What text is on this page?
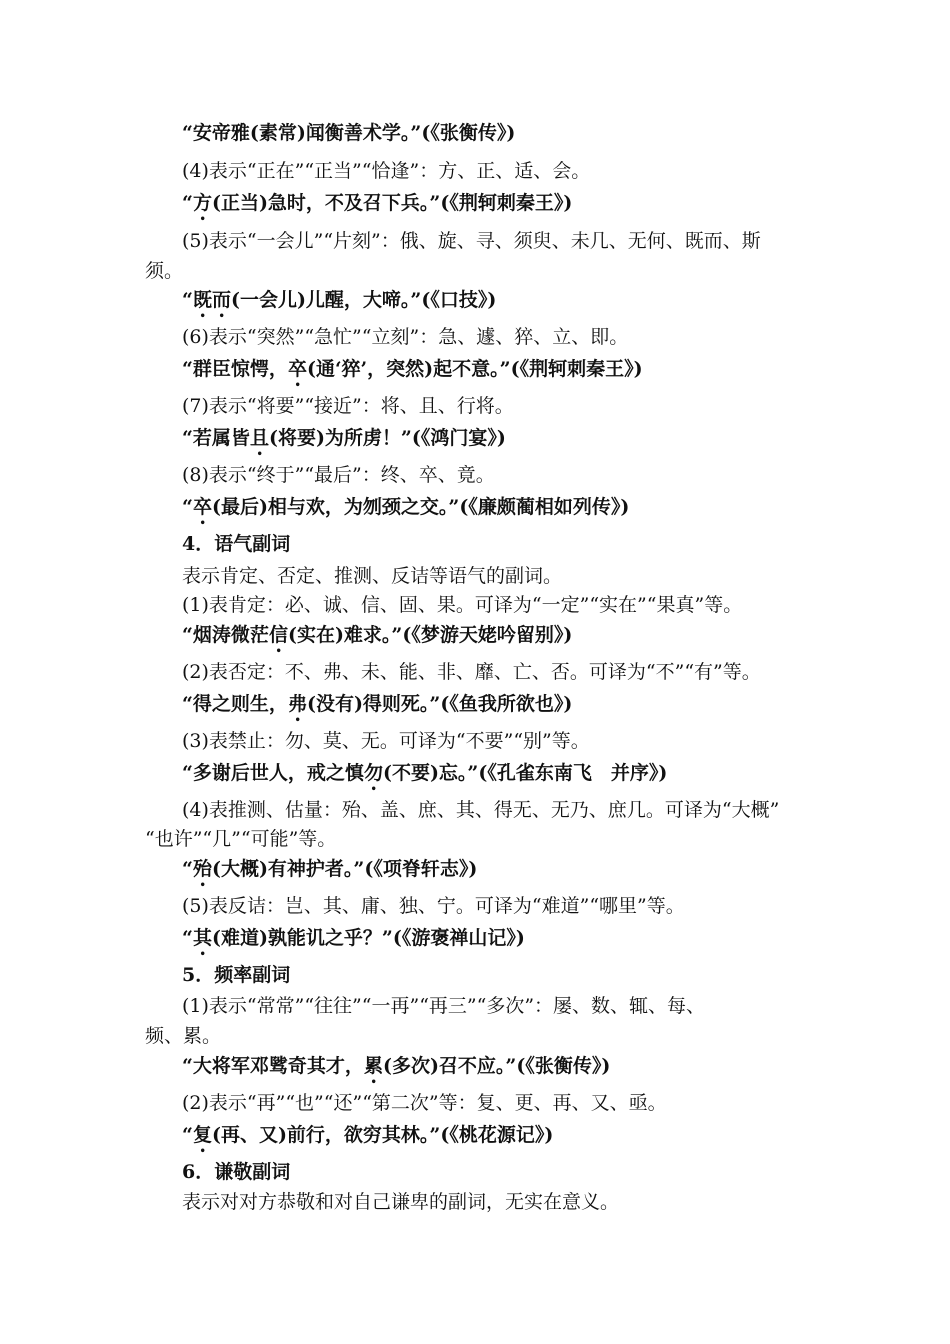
“安帝雅(素常)闻衡善术学。”(《张衡传》)
(4)表示“正在”“正当”“恰逢”：方、正、适、会。
“方(正当)急时，不及召下兵。”(《荆轲刺秦王》)
(5)表示“一会儿”“片刻”：俄、旋、寻、须臾、未几、无何、既而、斯
须。
“既而(一会儿)儿醒，大啼。”(《口技》)
(6)表示“突然”“急忙”“立刻”：急、遽、猝、立、即。
“群臣惊愕，卒(通‘猝’，突然)起不意。”(《荆轲刺秦王》)
(7)表示“将要”“接近”：将、且、行将。
“若属皆且(将要)为所虏！”(《鸿门宴》)
(8)表示“终于”“最后”：终、卒、竟。
“卒(最后)相与欢，为刎颈之交。”(《廉颇蔺相如列传》)
4．语气副词
表示肯定、否定、推测、反诘等语气的副词。
(1)表肯定：必、诚、信、固、果。可译为“一定”“实在”“果真”等。
“烟涛微茫信(实在)难求。”(《梦游天姥吟留别》)
(2)表否定：不、弗、未、能、非、靡、亡、否。可译为“不”“有”等。
“得之则生，弗(没有)得则死。”(《鱼我所欲也》)
(3)表禁止：勿、莫、无。可译为“不要”“别”等。
“多谢后世人，戒之慎勿(不要)忘。”(《孔雀东南飞　并序》)
(4)表推测、估量：殆、盖、庶、其、得无、无乃、庶几。可译为“大概”
“也许”“几”“可能”等。
“殆(大概)有神护者。”(《项脊轩志》)
(5)表反诘：岂、其、庸、独、宁。可译为“难道”“哪里”等。
“其(难道)孰能讥之乎？”(《游褒禅山记》)
5．频率副词
(1)表示“常常”“往往”“一再”“再三”“多次”：屡、数、辄、每、
频、累。
“大将军邓骘奇其才，累(多次)召不应。”(《张衡传》)
(2)表示“再”“也”“还”“第二次”等：复、更、再、又、亟。
“复(再、又)前行，欲穷其林。”(《桃花源记》)
6．谦敬副词
表示对对方恭敬和对自己谦卑的副词，无实在意义。
